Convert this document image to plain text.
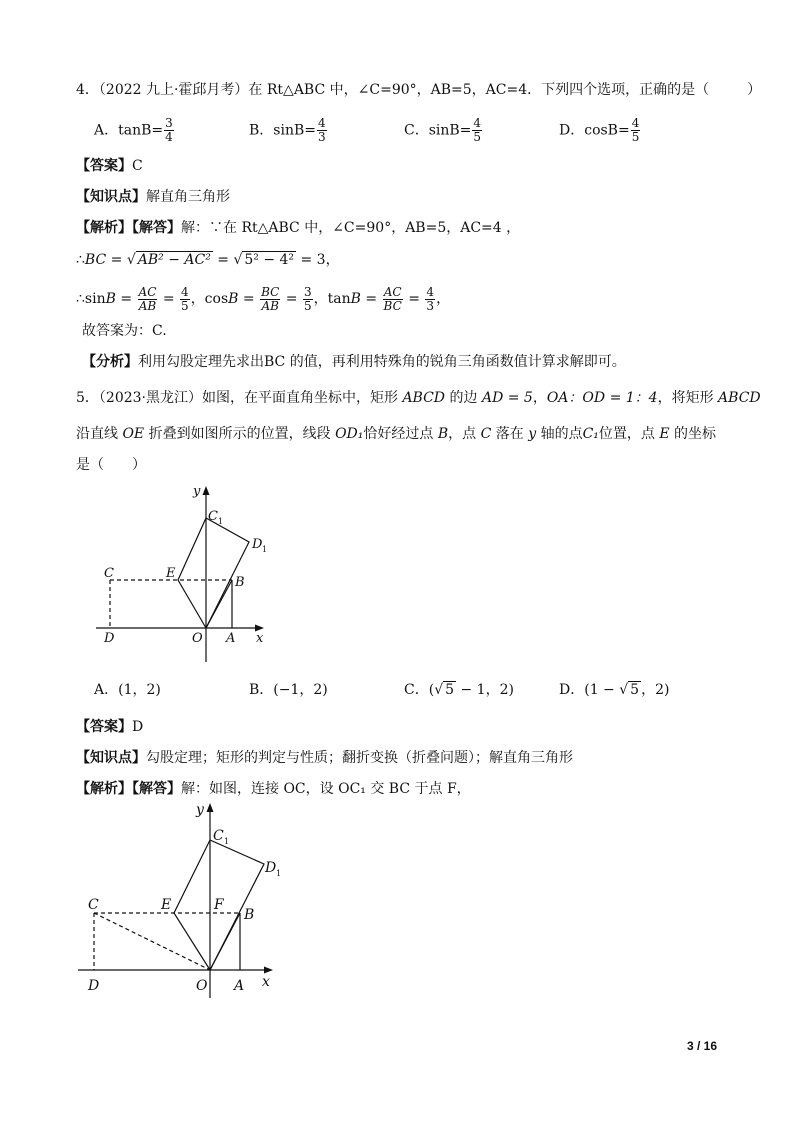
4．（2022 九上·霍邱月考）在 Rt△ABC 中，∠C=90°，AB=5，AC=4．下列四个选项，正确的是（	）
A．$\tan B= \frac{3}{4}$	B．$\sin B= \frac{4}{3}$	C．$\sin B= \frac{4}{5}$	D．$\cos B= \frac{4}{5}$
【答案】C
【知识点】解直角三角形
【解析】【解答】解：∵在 Rt△ABC 中，∠C=90°，AB=5，AC=4 ，
∴BC = √ AB² − AC² = √ 5² − 4² = 3，
∴sinB = $\frac{AC}{AB} = \frac{4}{5}$ ，$\cos B = \frac{BC}{AB} = \frac{3}{5}$ ，$\tan B = \frac{AC}{BC} = \frac{4}{3}$ ，
故答案为：C.
【分析】利用勾股定理先求出BC 的值，再利用特殊角的锐角三角函数值计算求解即可。
5．（2023·黑龙江）如图，在平面直角坐标中，矩形 ABCD 的边 AD = 5，OA：OD = 1：4，将矩形 ABCD
沿直线 OE 折叠到如图所示的位置，线段 OD₁恰好经过点 B，点 C 落在 y 轴的点C₁位置，点 E 的坐标
是（　　）
y
x
C 1
D 1
C	E
B
D	O A
A．(1，2)	B．(−1，2)	C．(√ 5 − 1，2)	D．(1 − √ 5 ，2)
【答案】D
【知识点】勾股定理；矩形的判定与性质；翻折变换（折叠问题）；解直角三角形
【解析】【解答】解：如图，连接 OC，设 OC₁ 交 BC 于点 F，
y
x
C 1
D 1
C	E	F
B
D	O A
3 / 16
